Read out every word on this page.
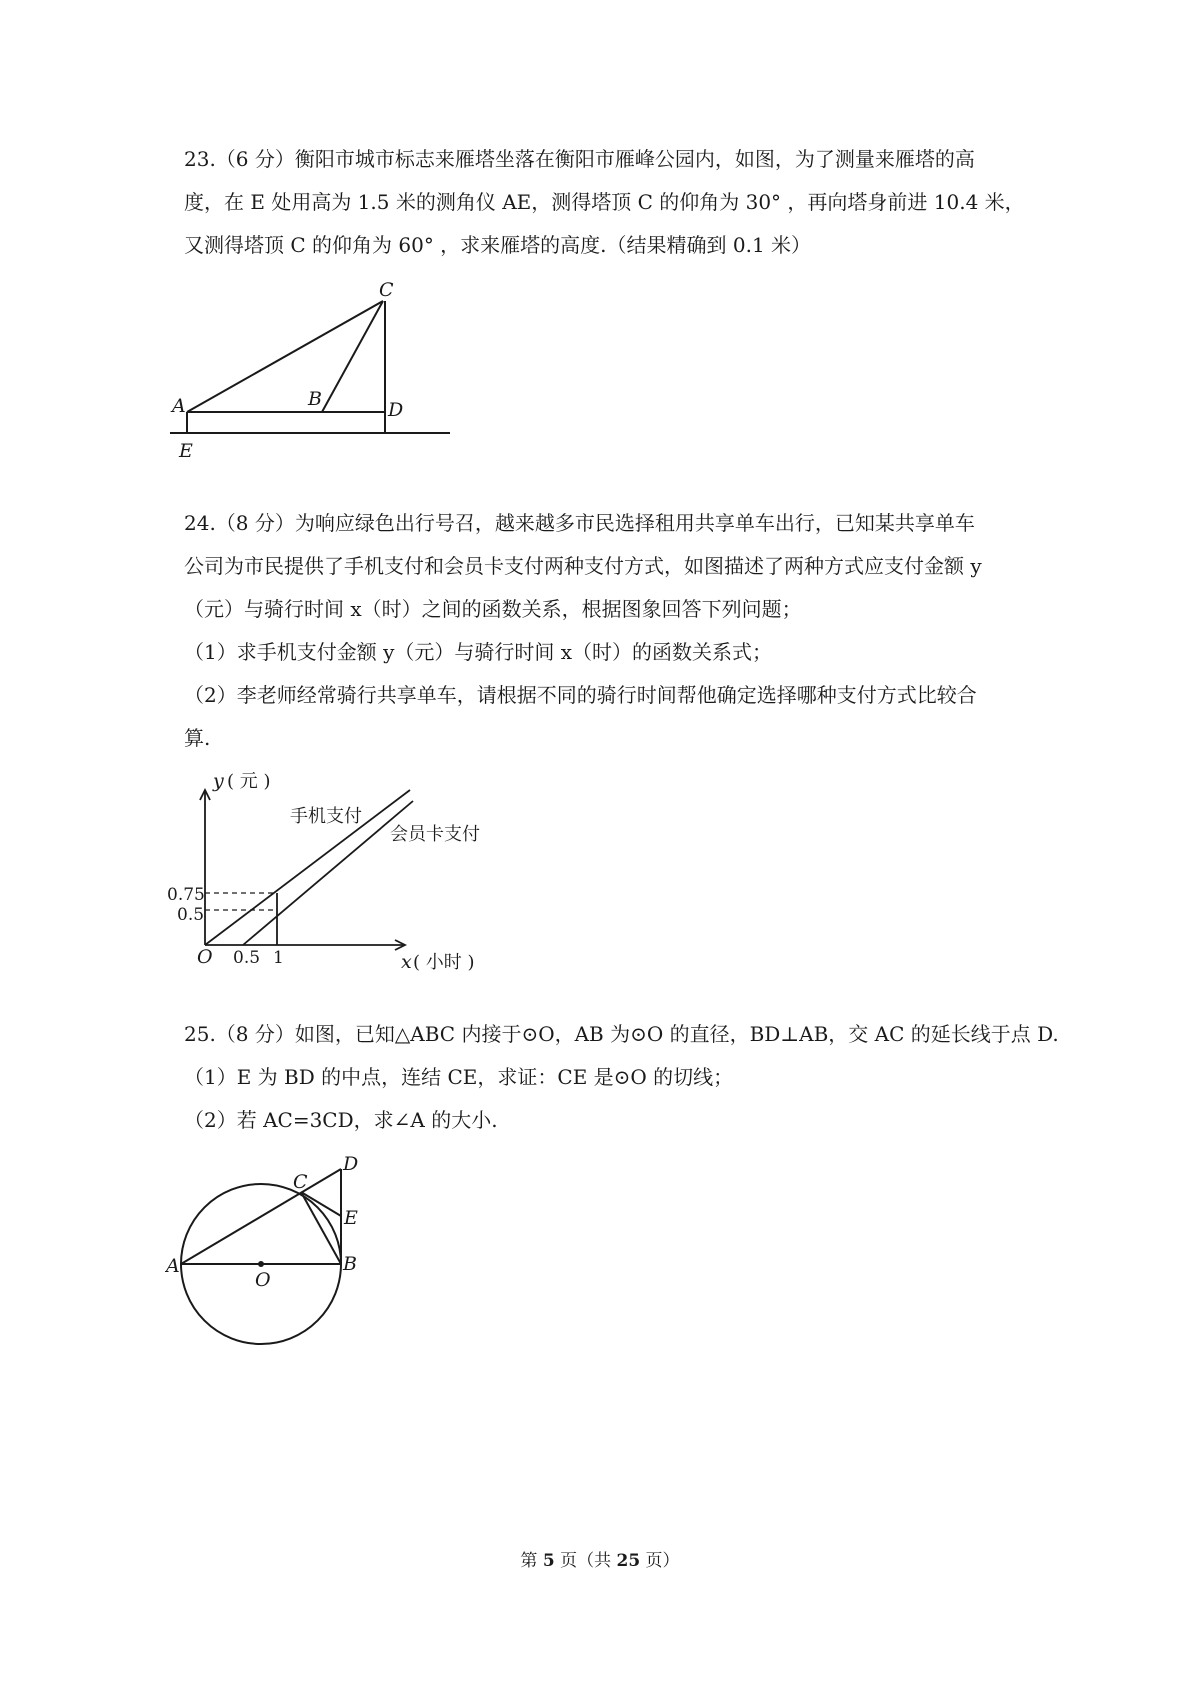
23.（6 分）衡阳市城市标志来雁塔坐落在衡阳市雁峰公园内，如图，为了测量来雁塔的高
度，在 E 处用高为 1.5 米的测角仪 AE，测得塔顶 C 的仰角为 30° ，再向塔身前进 10.4 米，
又测得塔顶 C 的仰角为 60° ，求来雁塔的高度.（结果精确到 0.1 米）
C
A	B	D
E
24.（8 分）为响应绿色出行号召，越来越多市民选择租用共享单车出行，已知某共享单车
公司为市民提供了手机支付和会员卡支付两种支付方式，如图描述了两种方式应支付金额 y
（元）与骑行时间 x（时）之间的函数关系，根据图象回答下列问题；
（1）求手机支付金额 y（元）与骑行时间 x（时）的函数关系式；
（2）李老师经常骑行共享单车，请根据不同的骑行时间帮他确定选择哪种支付方式比较合
算.
y ( 元 )
x ( 小时 )
O
0.75
0.5
0.5 1
手机支付
会员卡支付
25.（8 分）如图，已知△ABC 内接于⊙O，AB 为⊙O 的直径，BD⊥AB，交 AC 的延长线于点 D.
（1）E 为 BD 的中点，连结 CE，求证：CE 是⊙O 的切线；
（2）若 AC=3CD，求∠A 的大小.
A	B
C
D
E
O
第 5 页（共 25 页）
